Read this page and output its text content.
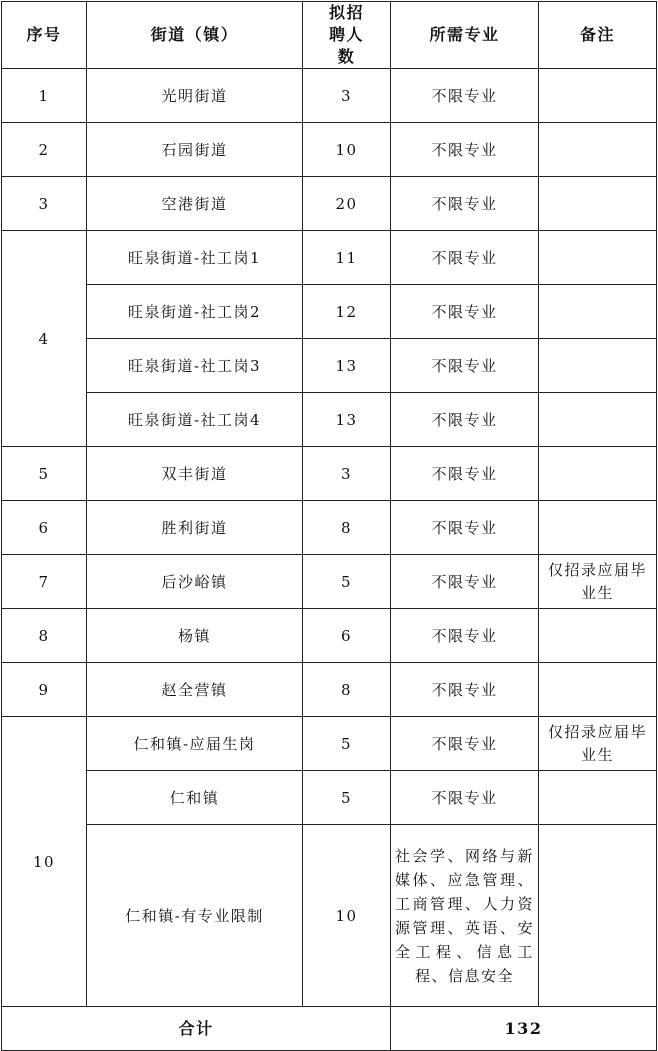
序号	街道（镇）	拟招聘人数	所需专业	备注
1	光明街道	3	不限专业	
2	石园街道	10	不限专业	
3	空港街道	20	不限专业	
4	旺泉街道-社工岗1	11	不限专业	
	旺泉街道-社工岗2	12	不限专业	
	旺泉街道-社工岗3	13	不限专业	
	旺泉街道-社工岗4	13	不限专业	
5	双丰街道	3	不限专业	
6	胜利街道	8	不限专业	
7	后沙峪镇	5	不限专业	仅招录应届毕业生
8	杨镇	6	不限专业	
9	赵全营镇	8	不限专业	
10	仁和镇-应届生岗	5	不限专业	仅招录应届毕业生
	仁和镇	5	不限专业	
	仁和镇-有专业限制	10	社会学、网络与新媒体、应急管理、工商管理、人力资源管理、英语、安全工程、信息工程、信息安全	
合计			132	
